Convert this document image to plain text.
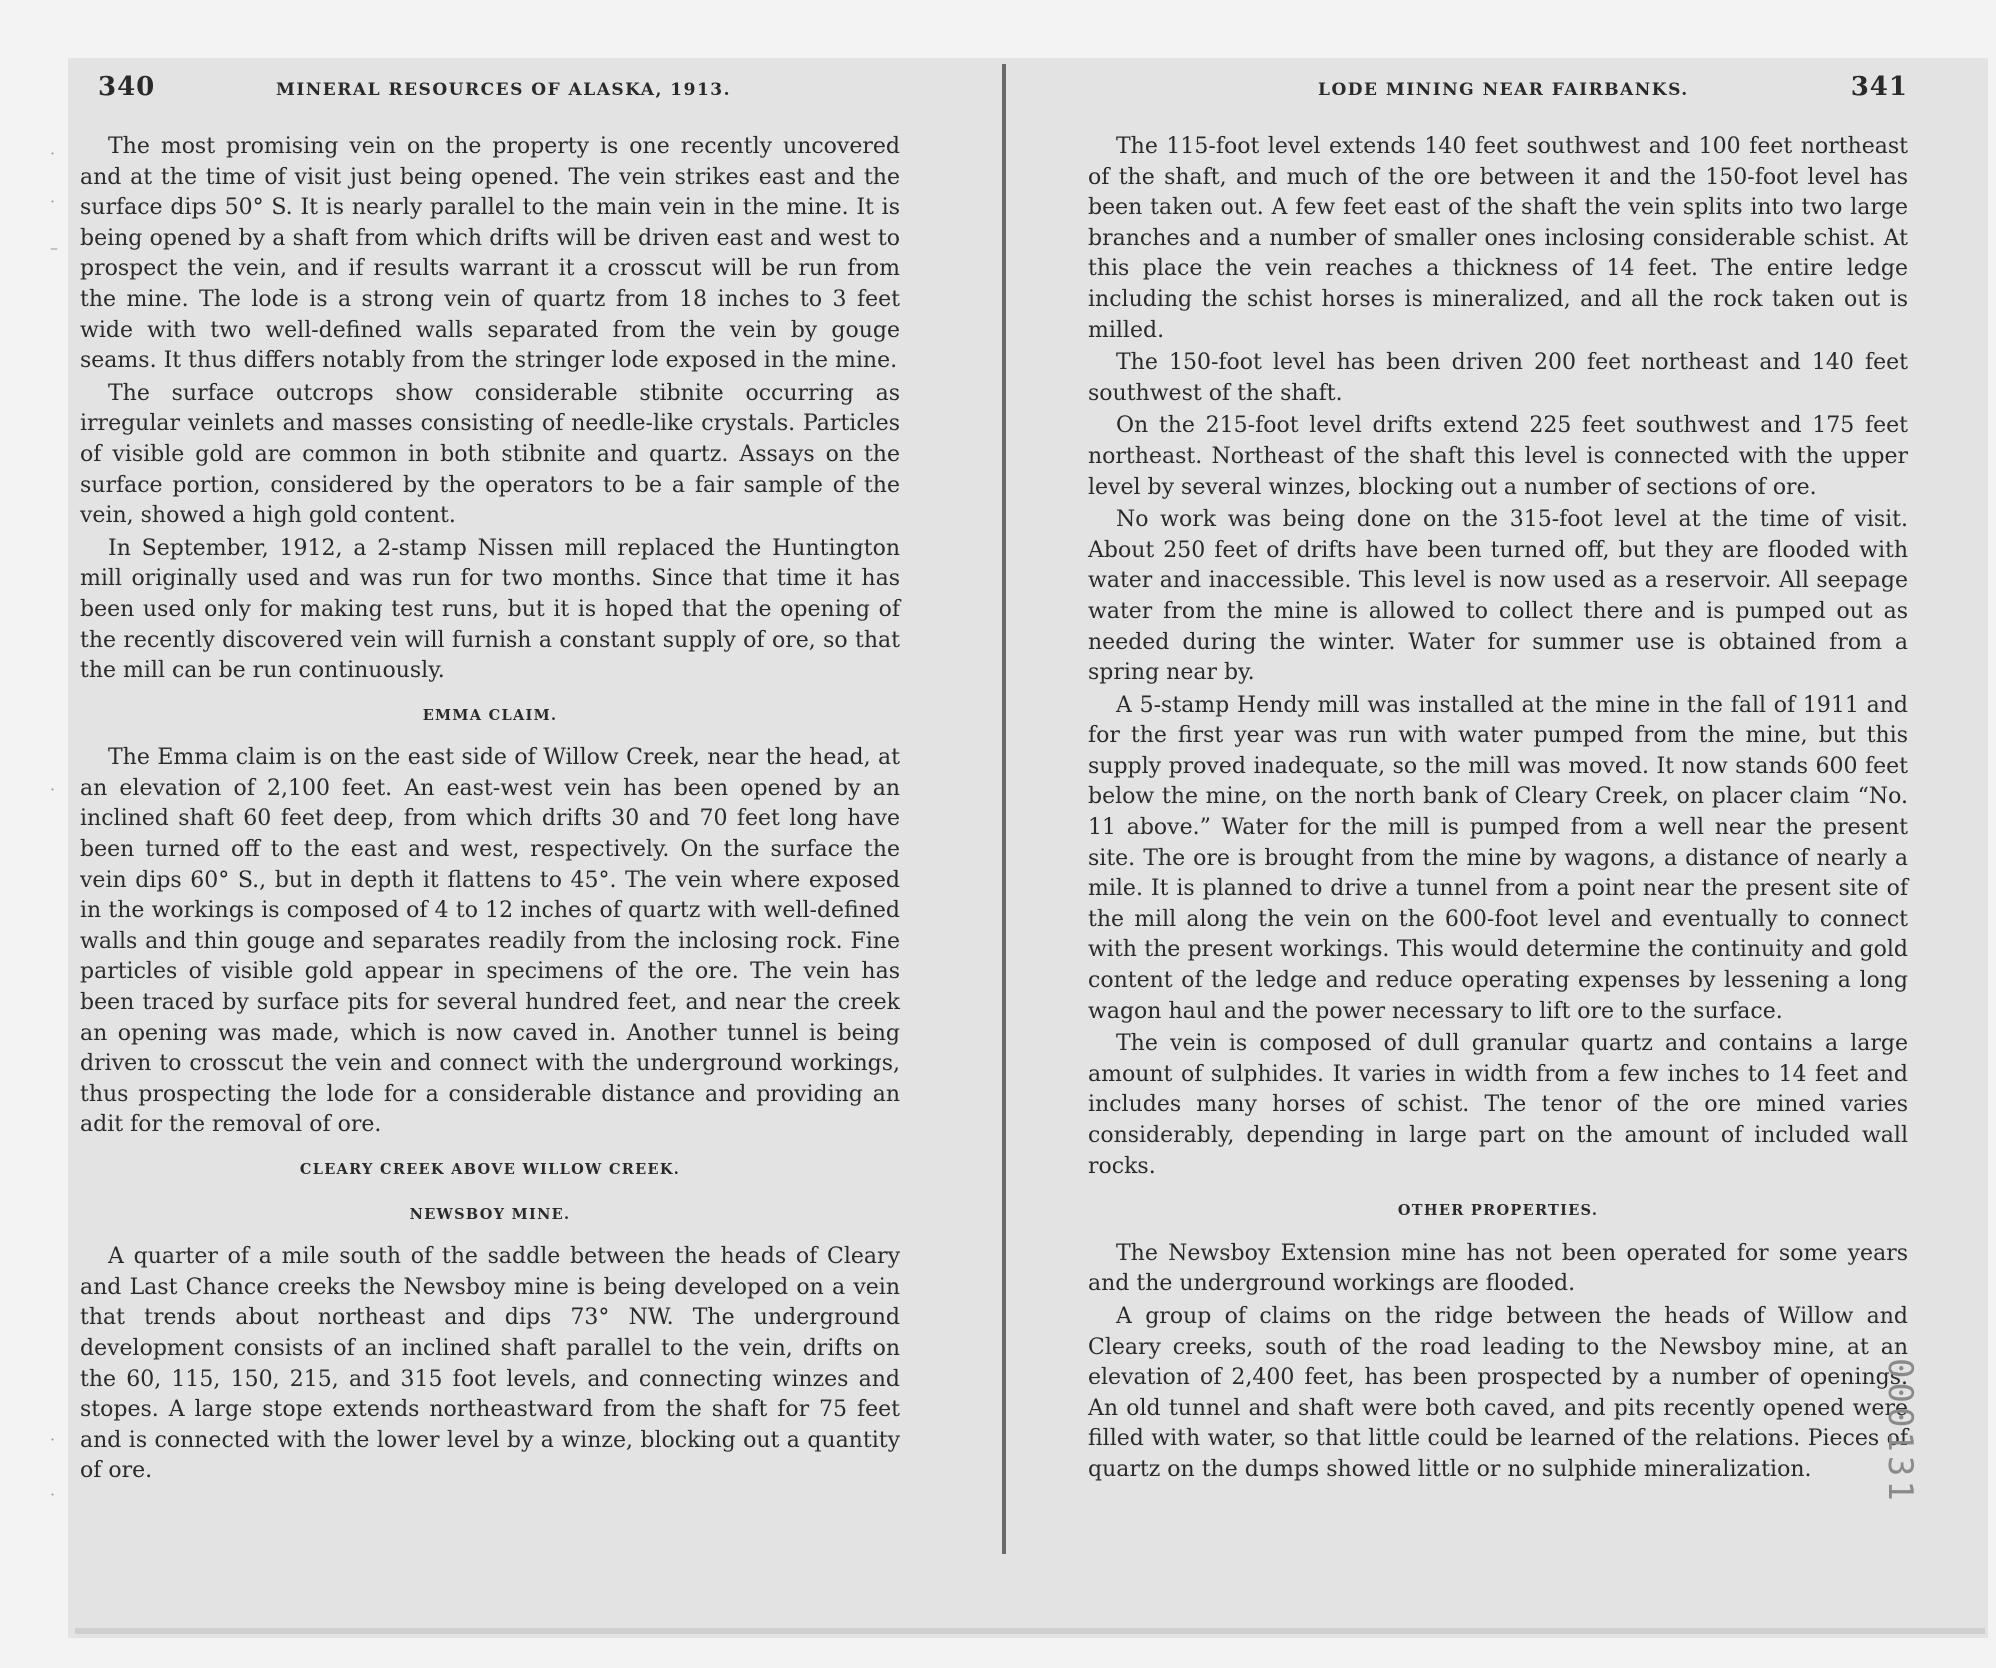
·
·
–
·
·
·
340	MINERAL RESOURCES OF ALASKA, 1913.

The most promising vein on the property is one recently uncovered and at the time of visit just being opened. The vein strikes east and the surface dips 50° S. It is nearly parallel to the main vein in the mine. It is being opened by a shaft from which drifts will be driven east and west to prospect the vein, and if results warrant it a crosscut will be run from the mine. The lode is a strong vein of quartz from 18 inches to 3 feet wide with two well-defined walls separated from the vein by gouge seams. It thus differs notably from the stringer lode exposed in the mine.

The surface outcrops show considerable stibnite occurring as irregular veinlets and masses consisting of needle-like crystals. Particles of visible gold are common in both stibnite and quartz. Assays on the surface portion, considered by the operators to be a fair sample of the vein, showed a high gold content.

In September, 1912, a 2-stamp Nissen mill replaced the Huntington mill originally used and was run for two months. Since that time it has been used only for making test runs, but it is hoped that the opening of the recently discovered vein will furnish a constant supply of ore, so that the mill can be run continuously.

EMMA CLAIM.

The Emma claim is on the east side of Willow Creek, near the head, at an elevation of 2,100 feet. An east-west vein has been opened by an inclined shaft 60 feet deep, from which drifts 30 and 70 feet long have been turned off to the east and west, respectively. On the surface the vein dips 60° S., but in depth it flattens to 45°. The vein where exposed in the workings is composed of 4 to 12 inches of quartz with well-defined walls and thin gouge and separates readily from the inclosing rock. Fine particles of visible gold appear in specimens of the ore. The vein has been traced by surface pits for several hundred feet, and near the creek an opening was made, which is now caved in. Another tunnel is being driven to crosscut the vein and connect with the underground workings, thus prospecting the lode for a considerable distance and providing an adit for the removal of ore.

CLEARY CREEK ABOVE WILLOW CREEK.
NEWSBOY MINE.

A quarter of a mile south of the saddle between the heads of Cleary and Last Chance creeks the Newsboy mine is being developed on a vein that trends about northeast and dips 73° NW. The underground development consists of an inclined shaft parallel to the vein, drifts on the 60, 115, 150, 215, and 315 foot levels, and connecting winzes and stopes. A large stope extends northeastward from the shaft for 75 feet and is connected with the lower level by a winze, blocking out a quantity of ore.

LODE MINING NEAR FAIRBANKS.	341

The 115-foot level extends 140 feet southwest and 100 feet northeast of the shaft, and much of the ore between it and the 150-foot level has been taken out. A few feet east of the shaft the vein splits into two large branches and a number of smaller ones inclosing considerable schist. At this place the vein reaches a thickness of 14 feet. The entire ledge including the schist horses is mineralized, and all the rock taken out is milled.

The 150-foot level has been driven 200 feet northeast and 140 feet southwest of the shaft.

On the 215-foot level drifts extend 225 feet southwest and 175 feet northeast. Northeast of the shaft this level is connected with the upper level by several winzes, blocking out a number of sections of ore.

No work was being done on the 315-foot level at the time of visit. About 250 feet of drifts have been turned off, but they are flooded with water and inaccessible. This level is now used as a reservoir. All seepage water from the mine is allowed to collect there and is pumped out as needed during the winter. Water for summer use is obtained from a spring near by.

A 5-stamp Hendy mill was installed at the mine in the fall of 1911 and for the first year was run with water pumped from the mine, but this supply proved inadequate, so the mill was moved. It now stands 600 feet below the mine, on the north bank of Cleary Creek, on placer claim “No. 11 above.” Water for the mill is pumped from a well near the present site. The ore is brought from the mine by wagons, a distance of nearly a mile. It is planned to drive a tunnel from a point near the present site of the mill along the vein on the 600-foot level and eventually to connect with the present workings. This would determine the continuity and gold content of the ledge and reduce operating expenses by lessening a long wagon haul and the power necessary to lift ore to the surface.

The vein is composed of dull granular quartz and contains a large amount of sulphides. It varies in width from a few inches to 14 feet and includes many horses of schist. The tenor of the ore mined varies considerably, depending in large part on the amount of included wall rocks.

OTHER PROPERTIES.

The Newsboy Extension mine has not been operated for some years and the underground workings are flooded.

A group of claims on the ridge between the heads of Willow and Cleary creeks, south of the road leading to the Newsboy mine, at an elevation of 2,400 feet, has been prospected by a number of openings. An old tunnel and shaft were both caved, and pits recently opened were filled with water, so that little could be learned of the relations. Pieces of quartz on the dumps showed little or no sulphide mineralization.	000131
